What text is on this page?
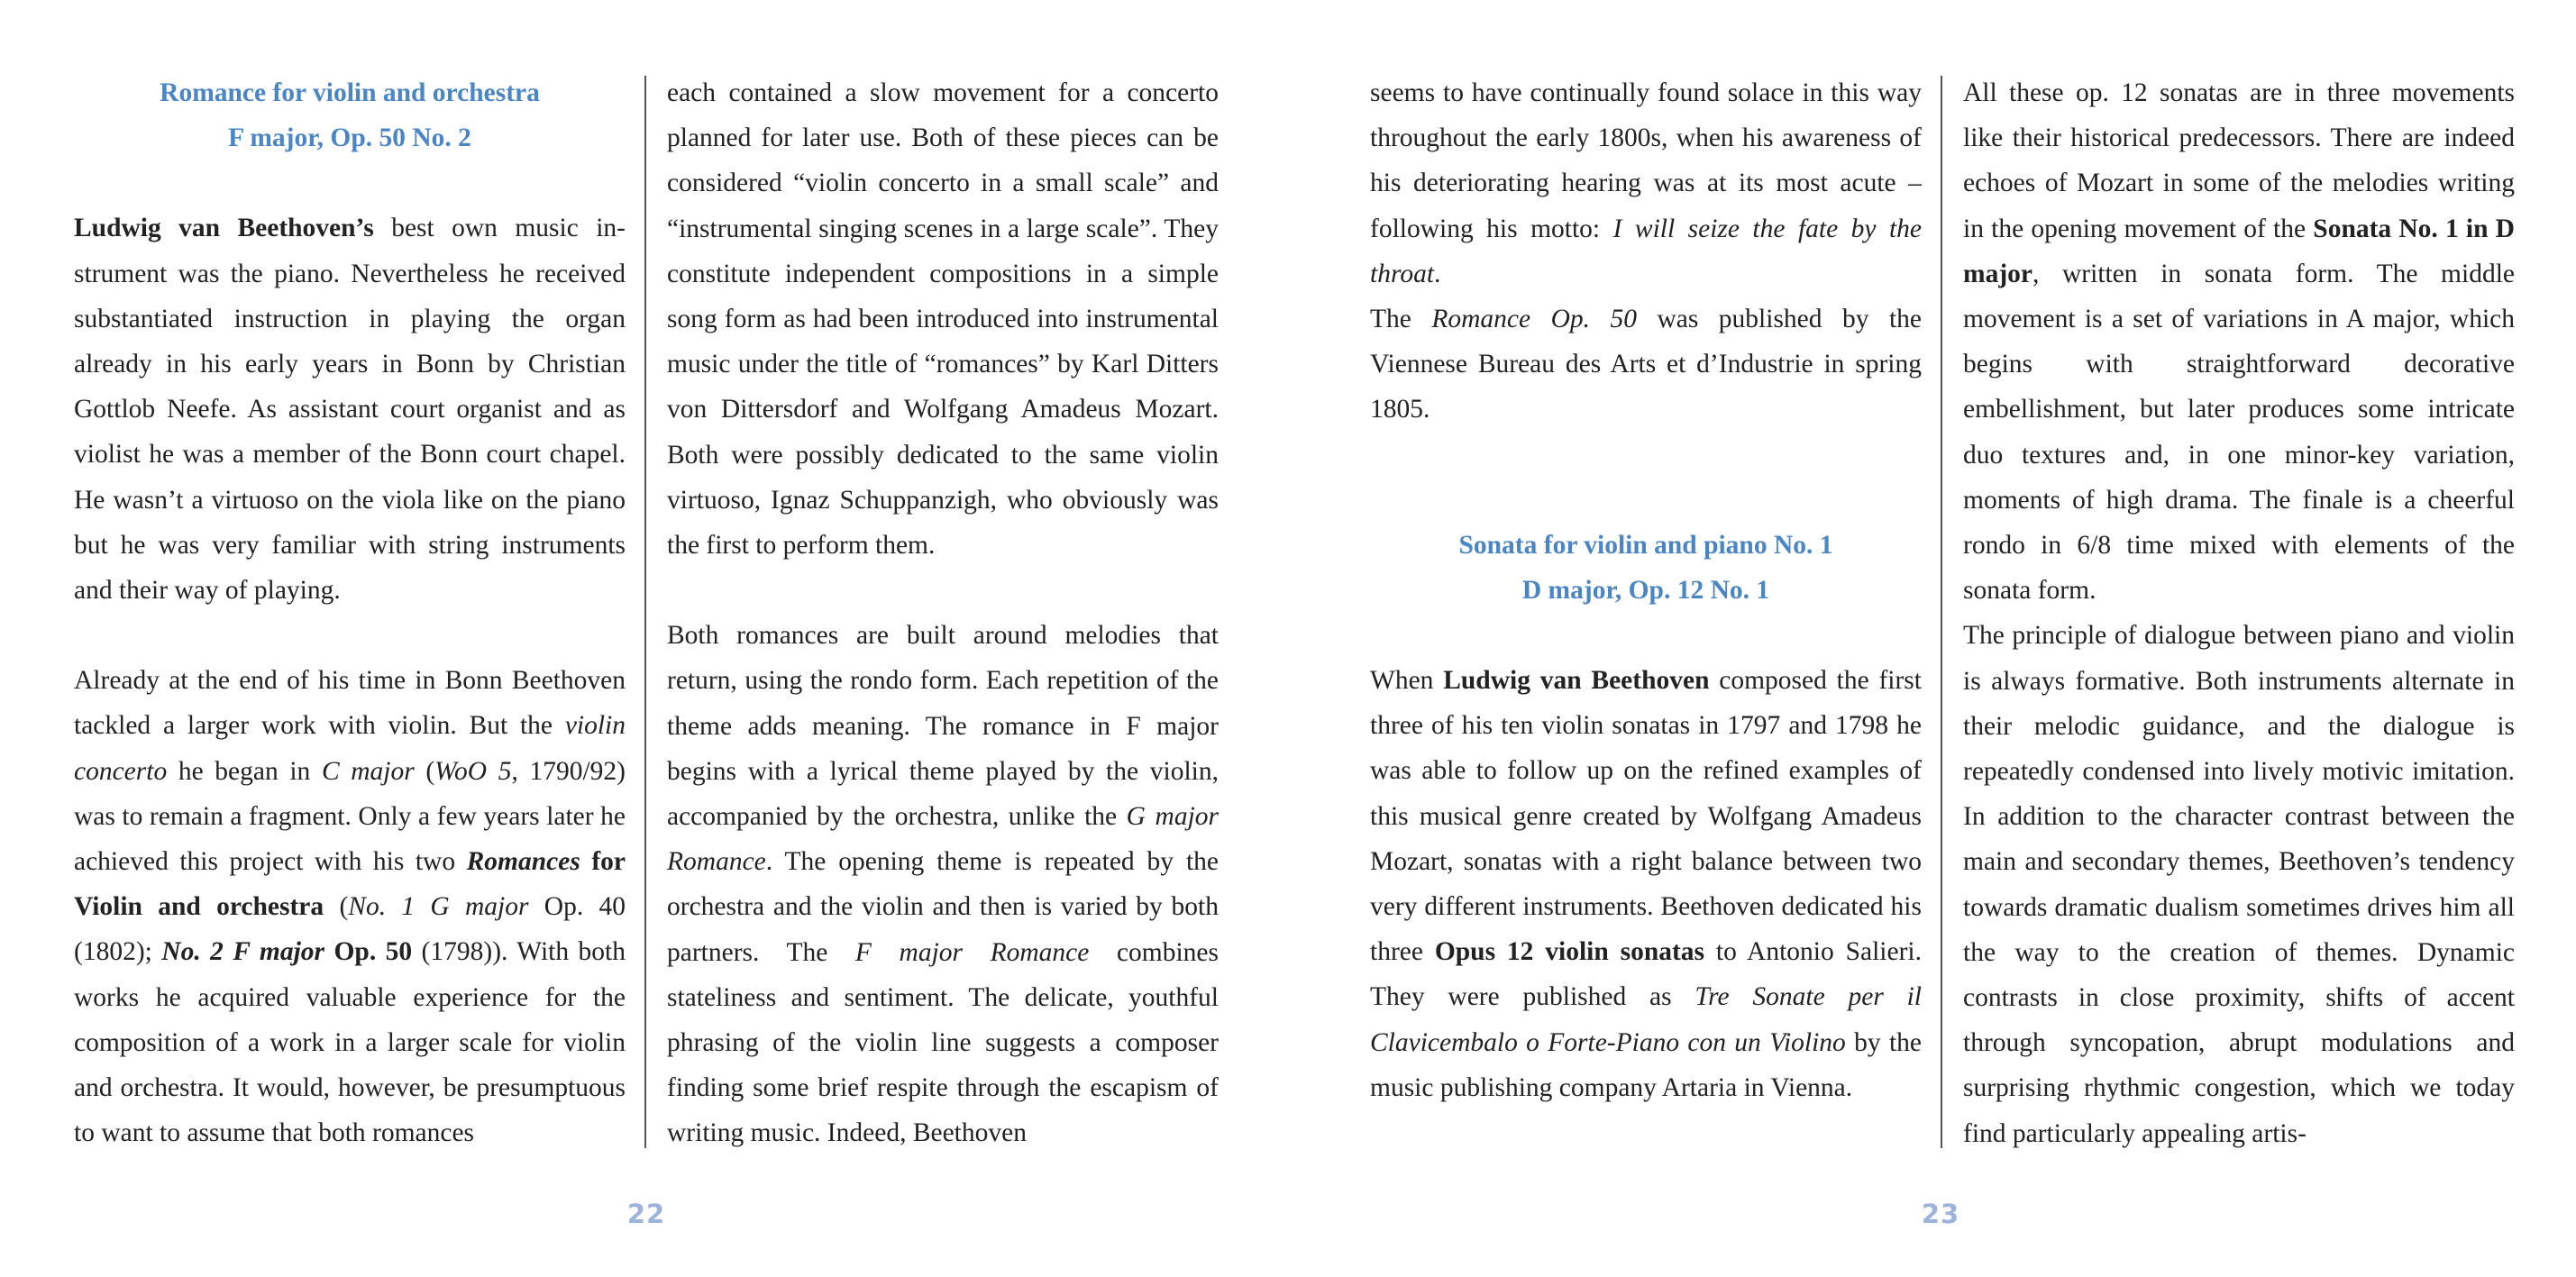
Romance for violin and orchestra
F major, Op. 50 No. 2

Ludwig van Beethoven’s best own music instrument was the piano. Nevertheless he received substantiated instruction in playing the organ already in his early years in Bonn by Christian Gottlob Neefe. As assistant court organist and as violist he was a member of the Bonn court chapel. He wasn’t a virtuoso on the viola like on the piano but he was very familiar with string instruments and their way of playing.

Already at the end of his time in Bonn Beethoven tackled a larger work with violin. But the violin concerto he began in C major (WoO 5, 1790/92) was to remain a fragment. Only a few years later he achieved this project with his two Romances for Violin and orchestra (No. 1 G major Op. 40 (1802); No. 2 F major Op. 50 (1798)). With both works he acquired valuable experience for the composition of a work in a larger scale for violin and orchestra. It would, however, be presumptuous to want to assume that both romances

each contained a slow movement for a concerto planned for later use. Both of these pieces can be considered “violin concerto in a small scale” and “instrumental singing scenes in a large scale”. They constitute independent compositions in a simple song form as had been introduced into instrumental music under the title of “romances” by Karl Ditters von Dittersdorf and Wolfgang Amadeus Mozart. Both were possibly dedicated to the same violin virtuoso, Ignaz Schuppanzigh, who obviously was the first to perform them.

Both romances are built around melodies that return, using the rondo form. Each repetition of the theme adds meaning. The romance in F major begins with a lyrical theme played by the violin, accompanied by the orchestra, unlike the G major Romance. The opening theme is repeated by the orchestra and the violin and then is varied by both partners. The F major Romance combines stateliness and sentiment. The delicate, youthful phrasing of the violin line suggests a composer finding some brief respite through the escapism of writing music. Indeed, Beethoven

22

seems to have continually found solace in this way throughout the early 1800s, when his awareness of his deteriorating hearing was at its most acute – following his motto: I will seize the fate by the throat.

The Romance Op. 50 was published by the Viennese Bureau des Arts et d’Industrie in spring 1805.

Sonata for violin and piano No. 1
D major, Op. 12 No. 1

When Ludwig van Beethoven composed the first three of his ten violin sonatas in 1797 and 1798 he was able to follow up on the refined examples of this musical genre created by Wolfgang Amadeus Mozart, sonatas with a right balance between two very different instruments. Beethoven dedicated his three Opus 12 violin sonatas to Antonio Salieri. They were published as Tre Sonate per il Clavicembalo o Forte-Piano con un Violino by the music publishing company Artaria in Vienna.

All these op. 12 sonatas are in three movements like their historical predecessors. There are indeed echoes of Mozart in some of the melodies writing in the opening movement of the Sonata No. 1 in D major, written in sonata form. The middle movement is a set of variations in A major, which begins with straightforward decorative embellishment, but later produces some intricate duo textures and, in one minor-key variation, moments of high drama. The finale is a cheerful rondo in 6/8 time mixed with elements of the sonata form.

The principle of dialogue between piano and violin is always formative. Both instruments alternate in their melodic guidance, and the dialogue is repeatedly condensed into lively motivic imitation. In addition to the character contrast between the main and secondary themes, Beethoven’s tendency towards dramatic dualism sometimes drives him all the way to the creation of themes. Dynamic contrasts in close proximity, shifts of accent through syncopation, abrupt modulations and surprising rhythmic congestion, which we today find particularly appealing artis-

23
